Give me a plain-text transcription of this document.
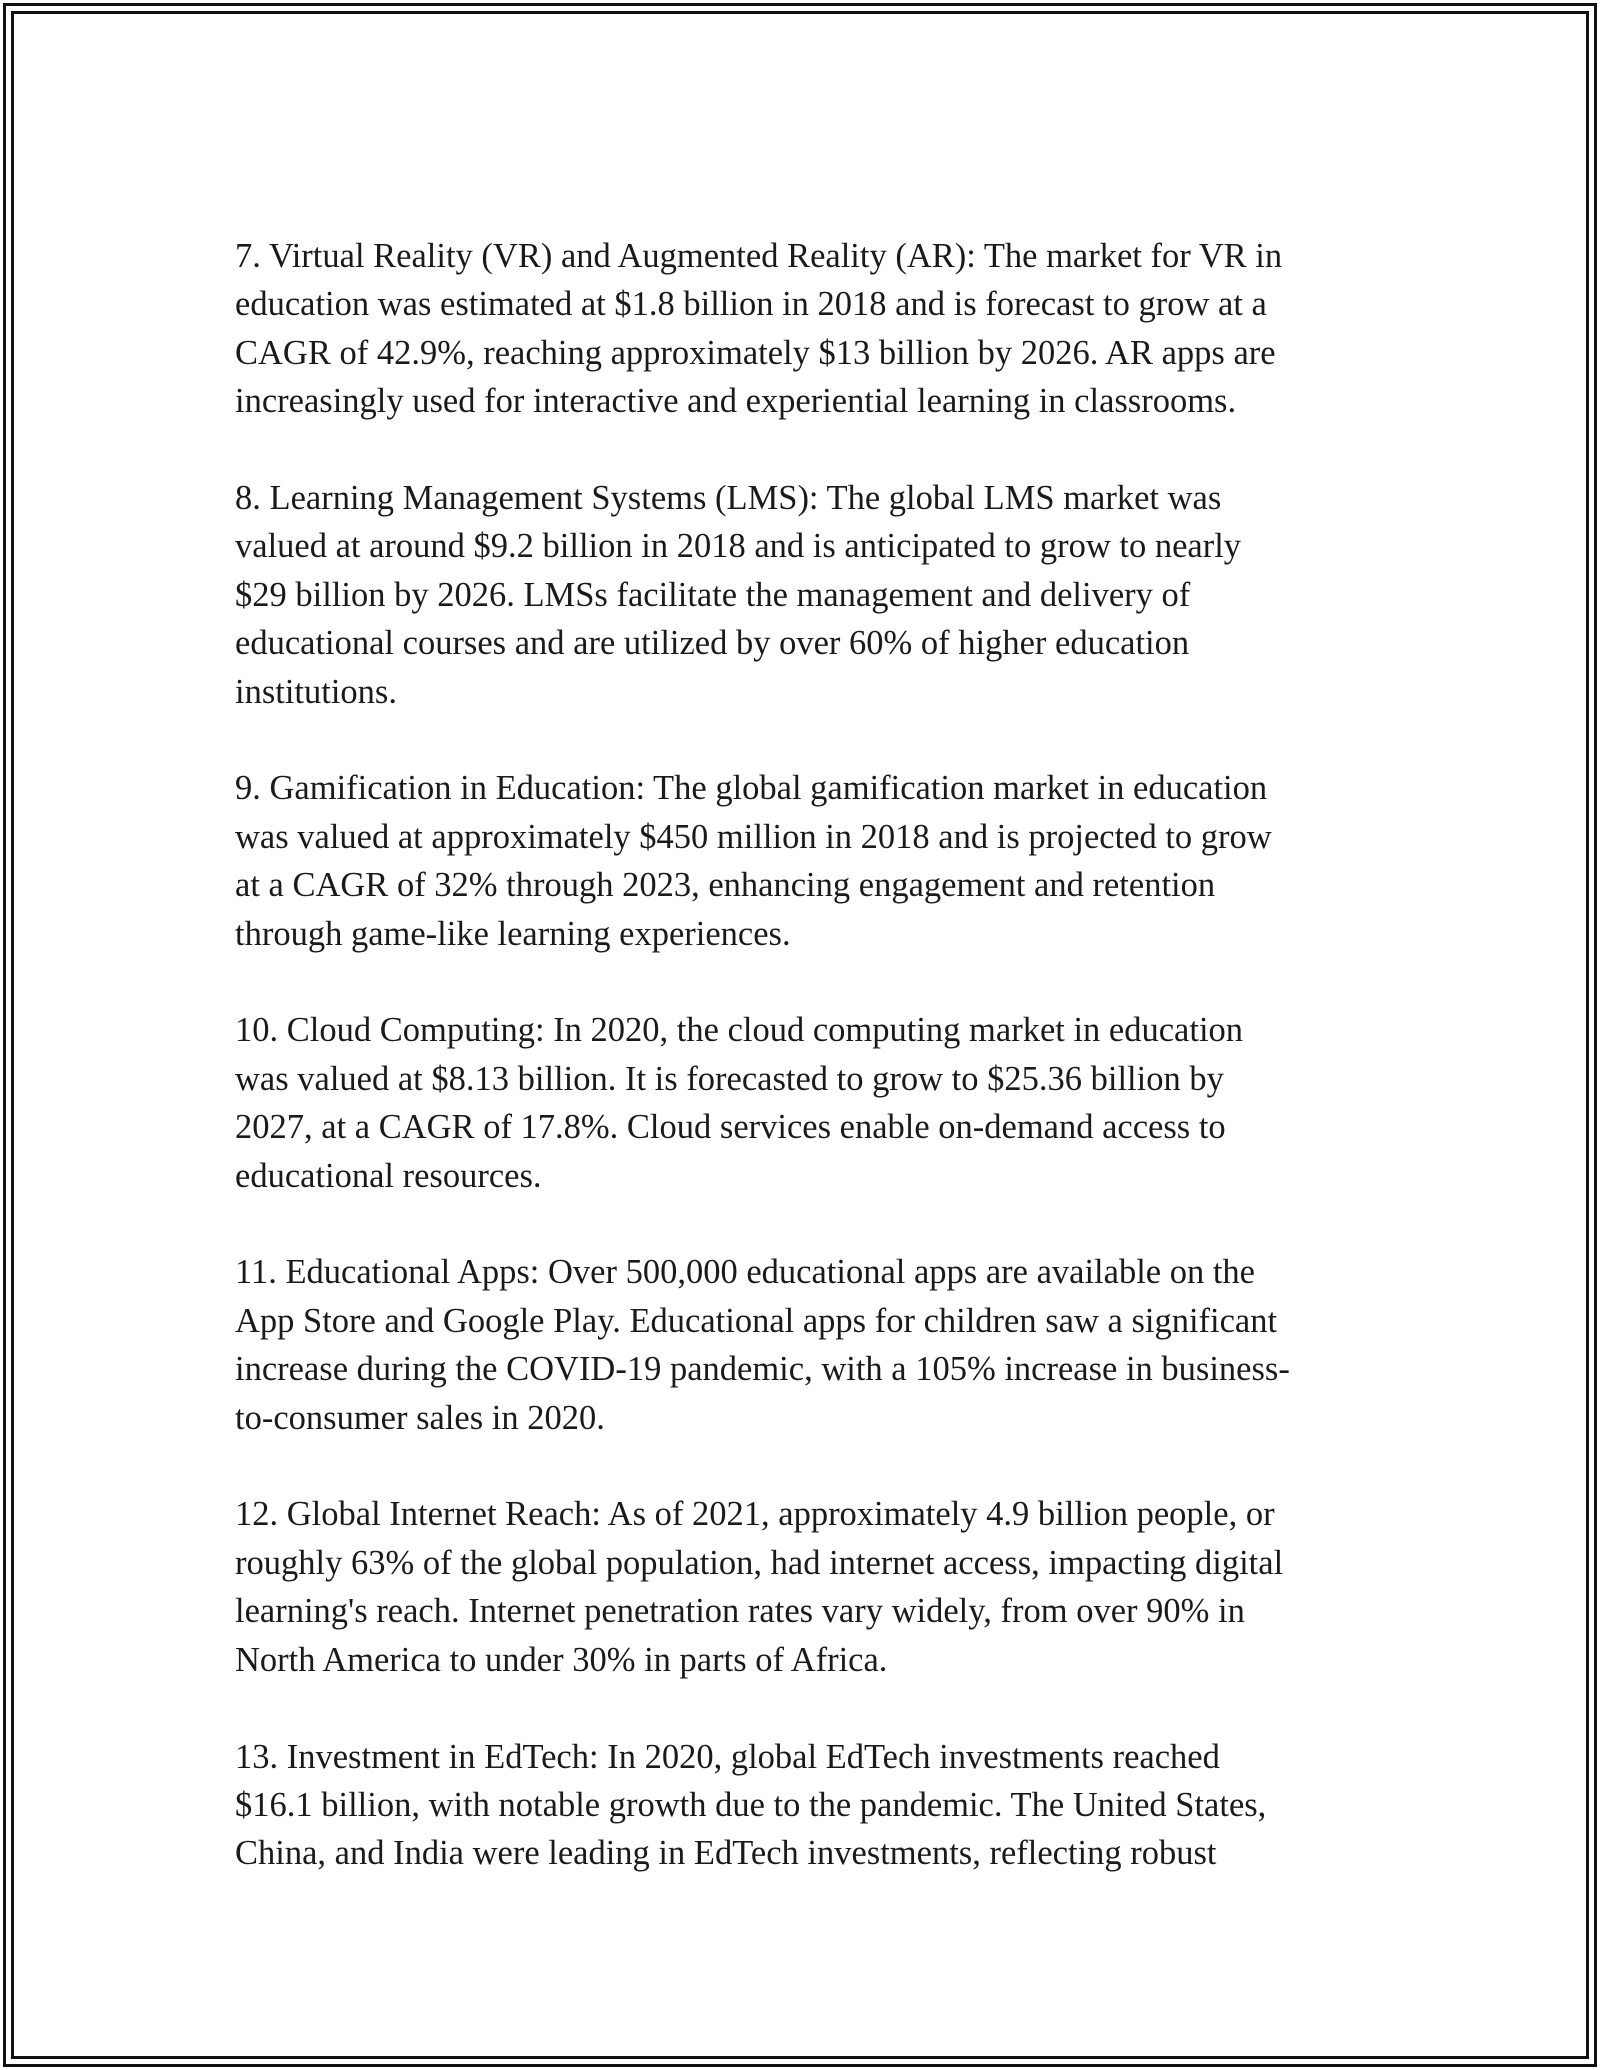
7. Virtual Reality (VR) and Augmented Reality (AR): The market for VR in
education was estimated at $1.8 billion in 2018 and is forecast to grow at a
CAGR of 42.9%, reaching approximately $13 billion by 2026. AR apps are
increasingly used for interactive and experiential learning in classrooms.

8. Learning Management Systems (LMS): The global LMS market was
valued at around $9.2 billion in 2018 and is anticipated to grow to nearly
$29 billion by 2026. LMSs facilitate the management and delivery of
educational courses and are utilized by over 60% of higher education
institutions.

9. Gamification in Education: The global gamification market in education
was valued at approximately $450 million in 2018 and is projected to grow
at a CAGR of 32% through 2023, enhancing engagement and retention
through game-like learning experiences.

10. Cloud Computing: In 2020, the cloud computing market in education
was valued at $8.13 billion. It is forecasted to grow to $25.36 billion by
2027, at a CAGR of 17.8%. Cloud services enable on-demand access to
educational resources.

11. Educational Apps: Over 500,000 educational apps are available on the
App Store and Google Play. Educational apps for children saw a significant
increase during the COVID-19 pandemic, with a 105% increase in business-
to-consumer sales in 2020.

12. Global Internet Reach: As of 2021, approximately 4.9 billion people, or
roughly 63% of the global population, had internet access, impacting digital
learning's reach. Internet penetration rates vary widely, from over 90% in
North America to under 30% in parts of Africa.

13. Investment in EdTech: In 2020, global EdTech investments reached
$16.1 billion, with notable growth due to the pandemic. The United States,
China, and India were leading in EdTech investments, reflecting robust
